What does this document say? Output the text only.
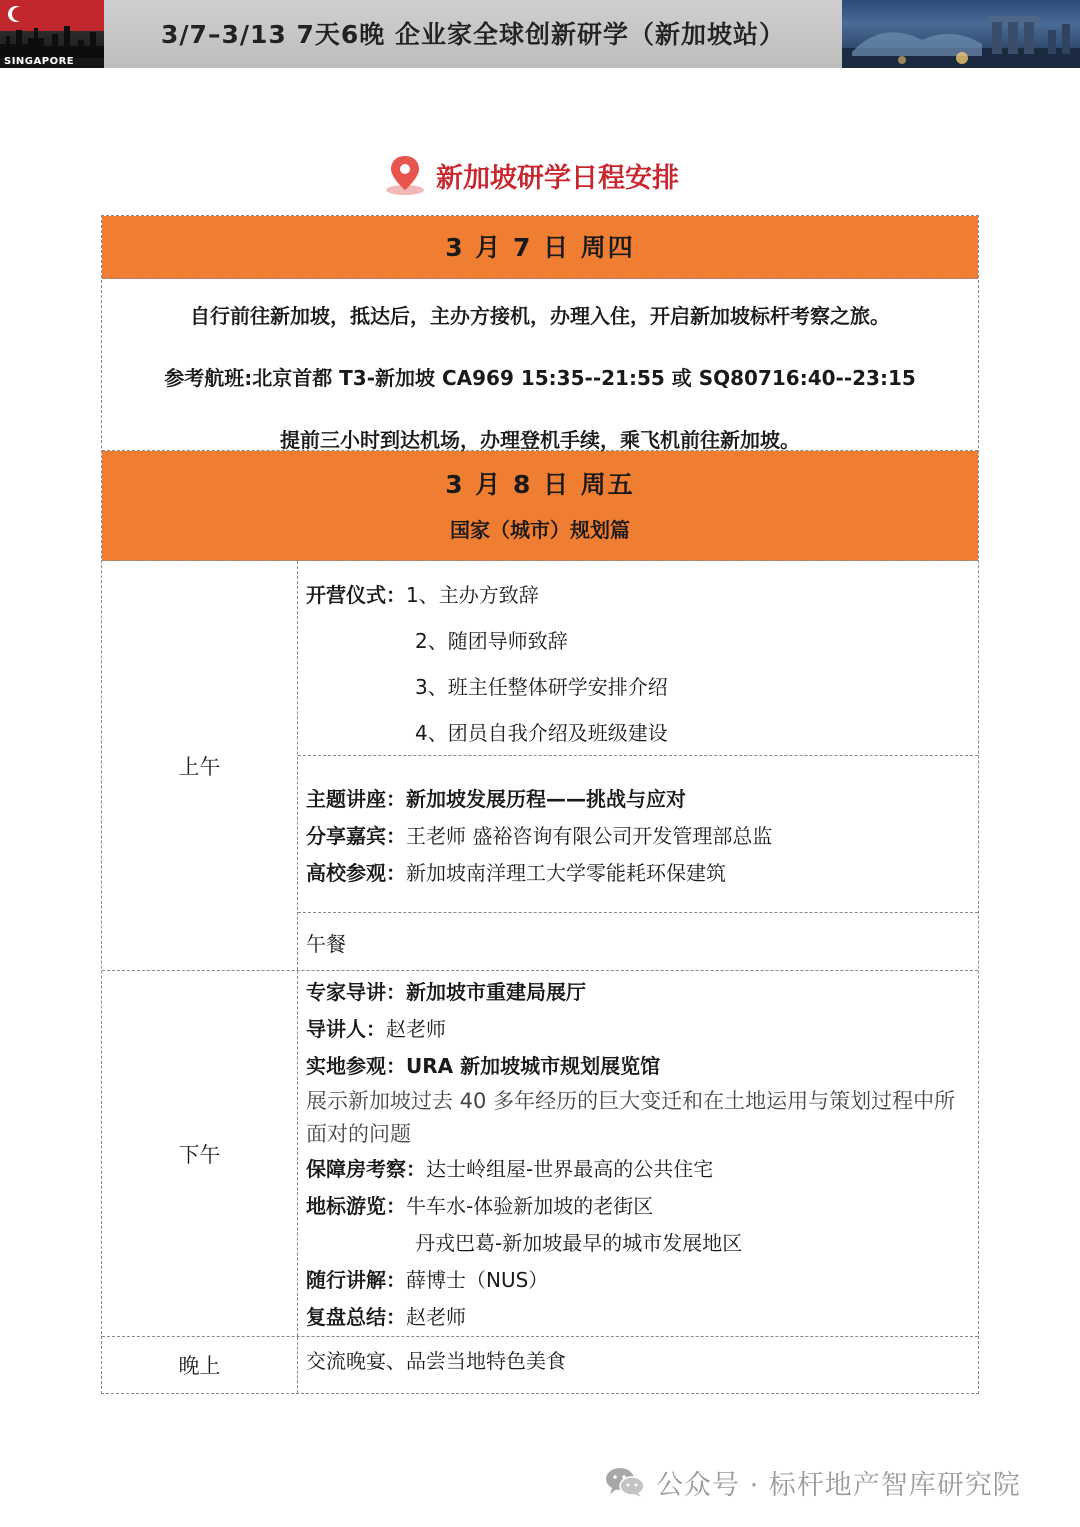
SINGAPORE
3/7–3/13 7天6晚 企业家全球创新研学（新加坡站）
新加坡研学日程安排
3 月 7 日 周四

自行前往新加坡，抵达后，主办方接机，办理入住，开启新加坡标杆考察之旅。

参考航班:北京首都 T3-新加坡 CA969 15:35--21:55 或 SQ80716:40--23:15

提前三小时到达机场，办理登机手续，乘飞机前往新加坡。

3 月 8 日 周五
国家（城市）规划篇
上午
开营仪式：1、主办方致辞
2、随团导师致辞
3、班主任整体研学安排介绍
4、团员自我介绍及班级建设
主题讲座：新加坡发展历程——挑战与应对
分享嘉宾：王老师 盛裕咨询有限公司开发管理部总监
高校参观：新加坡南洋理工大学零能耗环保建筑
午餐
下午
专家导讲：新加坡市重建局展厅
导讲人：赵老师
实地参观：URA 新加坡城市规划展览馆
展示新加坡过去 40 多年经历的巨大变迁和在土地运用与策划过程中所面对的问题
保障房考察：达士岭组屋-世界最高的公共住宅
地标游览：牛车水-体验新加坡的老街区
丹戎巴葛-新加坡最早的城市发展地区
随行讲解：薛博士（NUS）
复盘总结：赵老师
晚上	交流晚宴、品尝当地特色美食
公众号 · 标杆地产智库研究院
